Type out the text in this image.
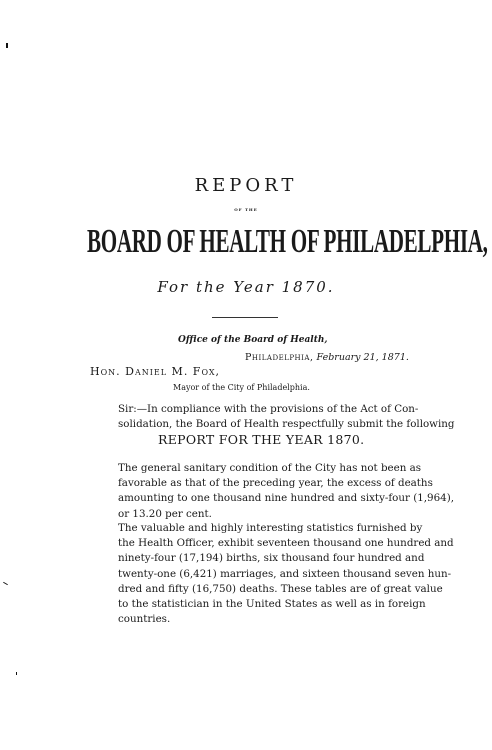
REPORT
OF THE
BOARD OF HEALTH OF PHILADELPHIA,
For the Year 1870.
Office of the Board of Health,
Philadelphia, February 21, 1871.
Hon. Daniel M. Fox,
Mayor of the City of Philadelphia.
Sir:—In compliance with the provisions of the Act of Con-
solidation, the Board of Health respectfully submit the following
REPORT FOR THE YEAR 1870.
The general sanitary condition of the City has not been as
favorable as that of the preceding year, the excess of deaths
amounting to one thousand nine hundred and sixty-four (1,964),
or 13.20 per cent.
The valuable and highly interesting statistics furnished by
the Health Officer, exhibit seventeen thousand one hundred and
ninety-four (17,194) births, six thousand four hundred and
twenty-one (6,421) marriages, and sixteen thousand seven hun-
dred and fifty (16,750) deaths. These tables are of great value
to the statistician in the United States as well as in foreign
countries.
